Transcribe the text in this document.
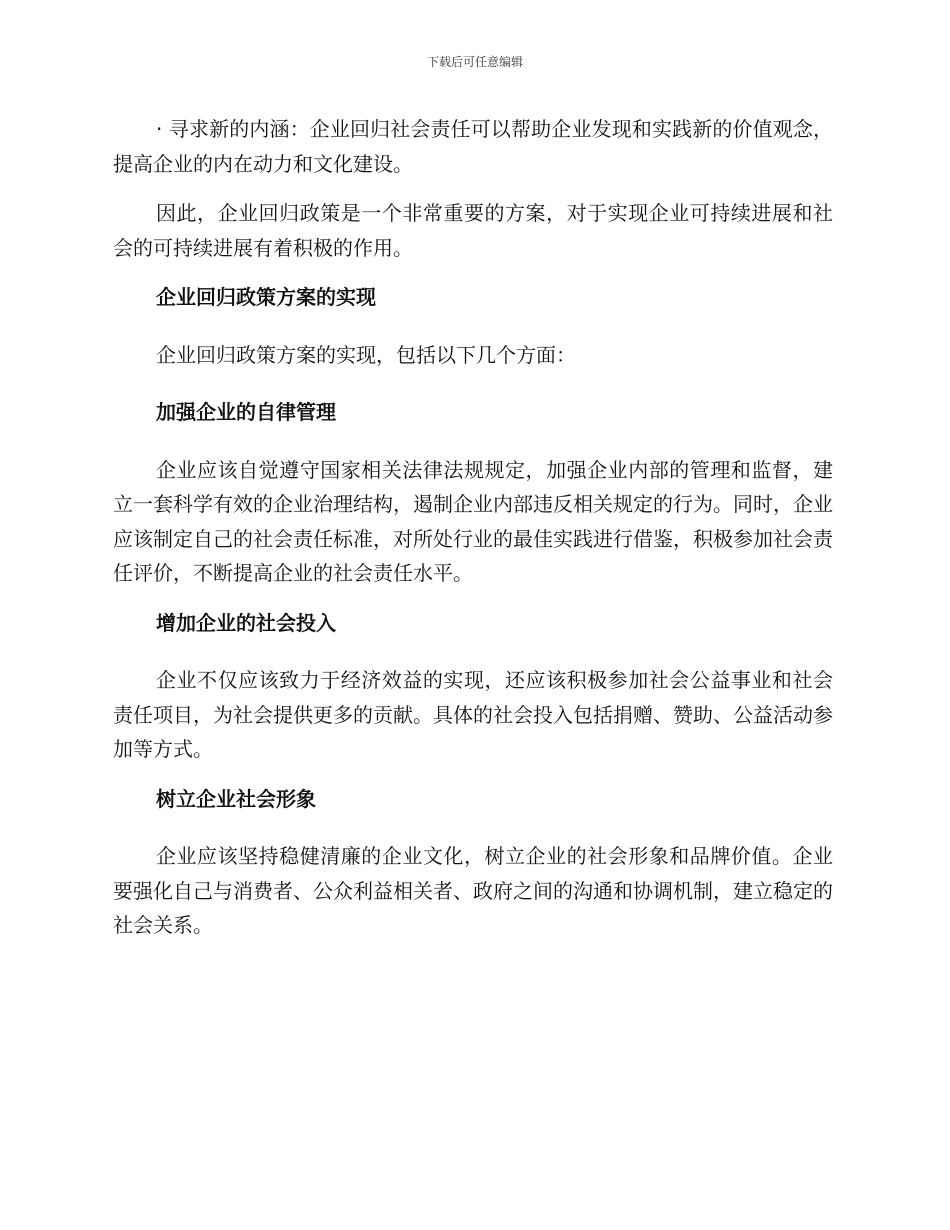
下载后可任意编辑

· 寻求新的内涵：企业回归社会责任可以帮助企业发现和实践新的价值观念，提高企业的内在动力和文化建设。

因此，企业回归政策是一个非常重要的方案，对于实现企业可持续进展和社会的可持续进展有着积极的作用。

企业回归政策方案的实现

企业回归政策方案的实现，包括以下几个方面：

加强企业的自律管理

企业应该自觉遵守国家相关法律法规规定，加强企业内部的管理和监督，建立一套科学有效的企业治理结构，遏制企业内部违反相关规定的行为。同时，企业应该制定自己的社会责任标准，对所处行业的最佳实践进行借鉴，积极参加社会责任评价，不断提高企业的社会责任水平。

增加企业的社会投入

企业不仅应该致力于经济效益的实现，还应该积极参加社会公益事业和社会责任项目，为社会提供更多的贡献。具体的社会投入包括捐赠、赞助、公益活动参加等方式。

树立企业社会形象

企业应该坚持稳健清廉的企业文化，树立企业的社会形象和品牌价值。企业要强化自己与消费者、公众利益相关者、政府之间的沟通和协调机制，建立稳定的社会关系。
